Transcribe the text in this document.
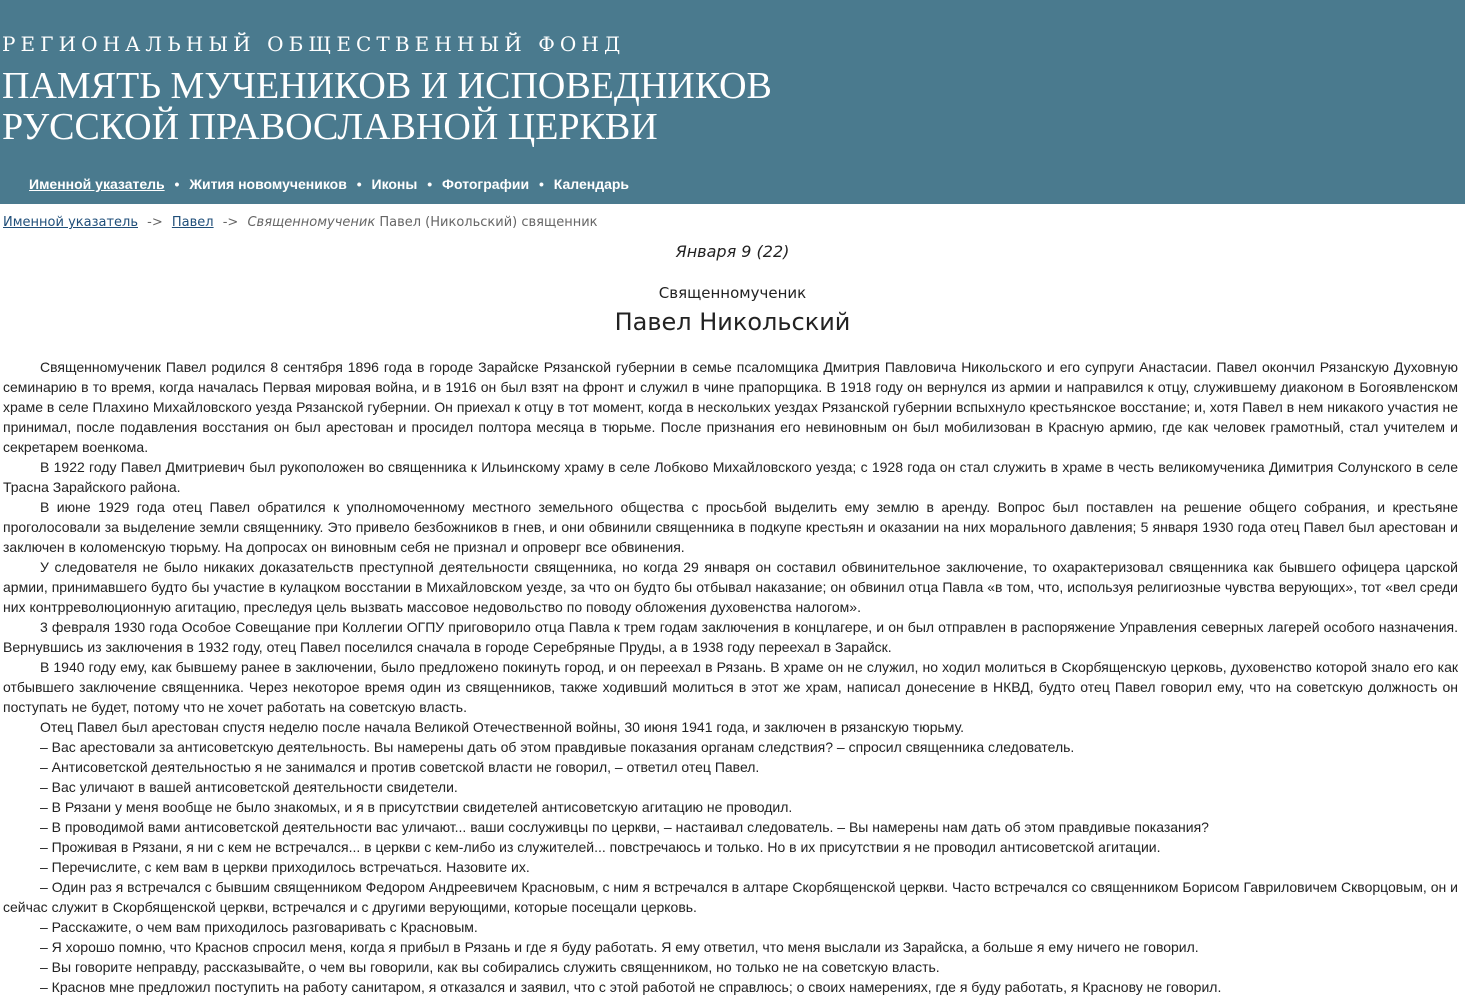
РЕГИОНАЛЬНЫЙ ОБЩЕСТВЕННЫЙ ФОНД
ПАМЯТЬ МУЧЕНИКОВ И ИСПОВЕДНИКОВ
РУССКОЙ ПРАВОСЛАВНОЙ ЦЕРКВИ
Именной указатель • Жития новомучеников • Иконы • Фотографии • Календарь
Именной указатель -> Павел -> Священномученик Павел (Никольский) священник
Января 9 (22)
Священномученик
Павел Никольский

Священномученик Павел родился 8 сентября 1896 года в городе Зарайске Рязанской губернии в семье псаломщика Дмитрия Павловича Никольского и его супруги Анастасии. Павел окончил Рязанскую Духовную семинарию в то время, когда началась Первая мировая война, и в 1916 он был взят на фронт и служил в чине прапорщика. В 1918 году он вернулся из армии и направился к отцу, служившему диаконом в Богоявленском храме в селе Плахино Михайловского уезда Рязанской губернии. Он приехал к отцу в тот момент, когда в нескольких уездах Рязанской губернии вспыхнуло крестьянское восстание; и, хотя Павел в нем никакого участия не принимал, после подавления восстания он был арестован и просидел полтора месяца в тюрьме. После признания его невиновным он был мобилизован в Красную армию, где как человек грамотный, стал учителем и секретарем военкома.

В 1922 году Павел Дмитриевич был рукоположен во священника к Ильинскому храму в селе Лобково Михайловского уезда; с 1928 года он стал служить в храме в честь великомученика Димитрия Солунского в селе Трасна Зарайского района.

В июне 1929 года отец Павел обратился к уполномоченному местного земельного общества с просьбой выделить ему землю в аренду. Вопрос был поставлен на решение общего собрания, и крестьяне проголосовали за выделение земли священнику. Это привело безбожников в гнев, и они обвинили священника в подкупе крестьян и оказании на них морального давления; 5 января 1930 года отец Павел был арестован и заключен в коломенскую тюрьму. На допросах он виновным себя не признал и опроверг все обвинения.

У следователя не было никаких доказательств преступной деятельности священника, но когда 29 января он составил обвинительное заключение, то охарактеризовал священника как бывшего офицера царской армии, принимавшего будто бы участие в кулацком восстании в Михайловском уезде, за что он будто бы отбывал наказание; он обвинил отца Павла «в том, что, используя религиозные чувства верующих», тот «вел среди них контрреволюционную агитацию, преследуя цель вызвать массовое недовольство по поводу обложения духовенства налогом».

3 февраля 1930 года Особое Совещание при Коллегии ОГПУ приговорило отца Павла к трем годам заключения в концлагере, и он был отправлен в распоряжение Управления северных лагерей особого назначения. Вернувшись из заключения в 1932 году, отец Павел поселился сначала в городе Серебряные Пруды, а в 1938 году переехал в Зарайск.

В 1940 году ему, как бывшему ранее в заключении, было предложено покинуть город, и он переехал в Рязань. В храме он не служил, но ходил молиться в Скорбященскую церковь, духовенство которой знало его как отбывшего заключение священника. Через некоторое время один из священников, также ходивший молиться в этот же храм, написал донесение в НКВД, будто отец Павел говорил ему, что на советскую должность он поступать не будет, потому что не хочет работать на советскую власть.

Отец Павел был арестован спустя неделю после начала Великой Отечественной войны, 30 июня 1941 года, и заключен в рязанскую тюрьму.

– Вас арестовали за антисоветскую деятельность. Вы намерены дать об этом правдивые показания органам следствия? – спросил священника следователь.

– Антисоветской деятельностью я не занимался и против советской власти не говорил, – ответил отец Павел.

– Вас уличают в вашей антисоветской деятельности свидетели.

– В Рязани у меня вообще не было знакомых, и я в присутствии свидетелей антисоветскую агитацию не проводил.

– В проводимой вами антисоветской деятельности вас уличают... ваши сослуживцы по церкви, – настаивал следователь. – Вы намерены нам дать об этом правдивые показания?

– Проживая в Рязани, я ни с кем не встречался... в церкви с кем-либо из служителей... повстречаюсь и только. Но в их присутствии я не проводил антисоветской агитации.

– Перечислите, с кем вам в церкви приходилось встречаться. Назовите их.

– Один раз я встречался с бывшим священником Федором Андреевичем Красновым, с ним я встречался в алтаре Скорбященской церкви. Часто встречался со священником Борисом Гавриловичем Скворцовым, он и сейчас служит в Скорбященской церкви, встречался и с другими верующими, которые посещали церковь.

– Расскажите, о чем вам приходилось разговаривать с Красновым.

– Я хорошо помню, что Краснов спросил меня, когда я прибыл в Рязань и где я буду работать. Я ему ответил, что меня выслали из Зарайска, а больше я ему ничего не говорил.

– Вы говорите неправду, рассказывайте, о чем вы говорили, как вы собирались служить священником, но только не на советскую власть.

– Краснов мне предложил поступить на работу санитаром, я отказался и заявил, что с этой работой не справлюсь; о своих намерениях, где я буду работать, я Краснову не говорил.
